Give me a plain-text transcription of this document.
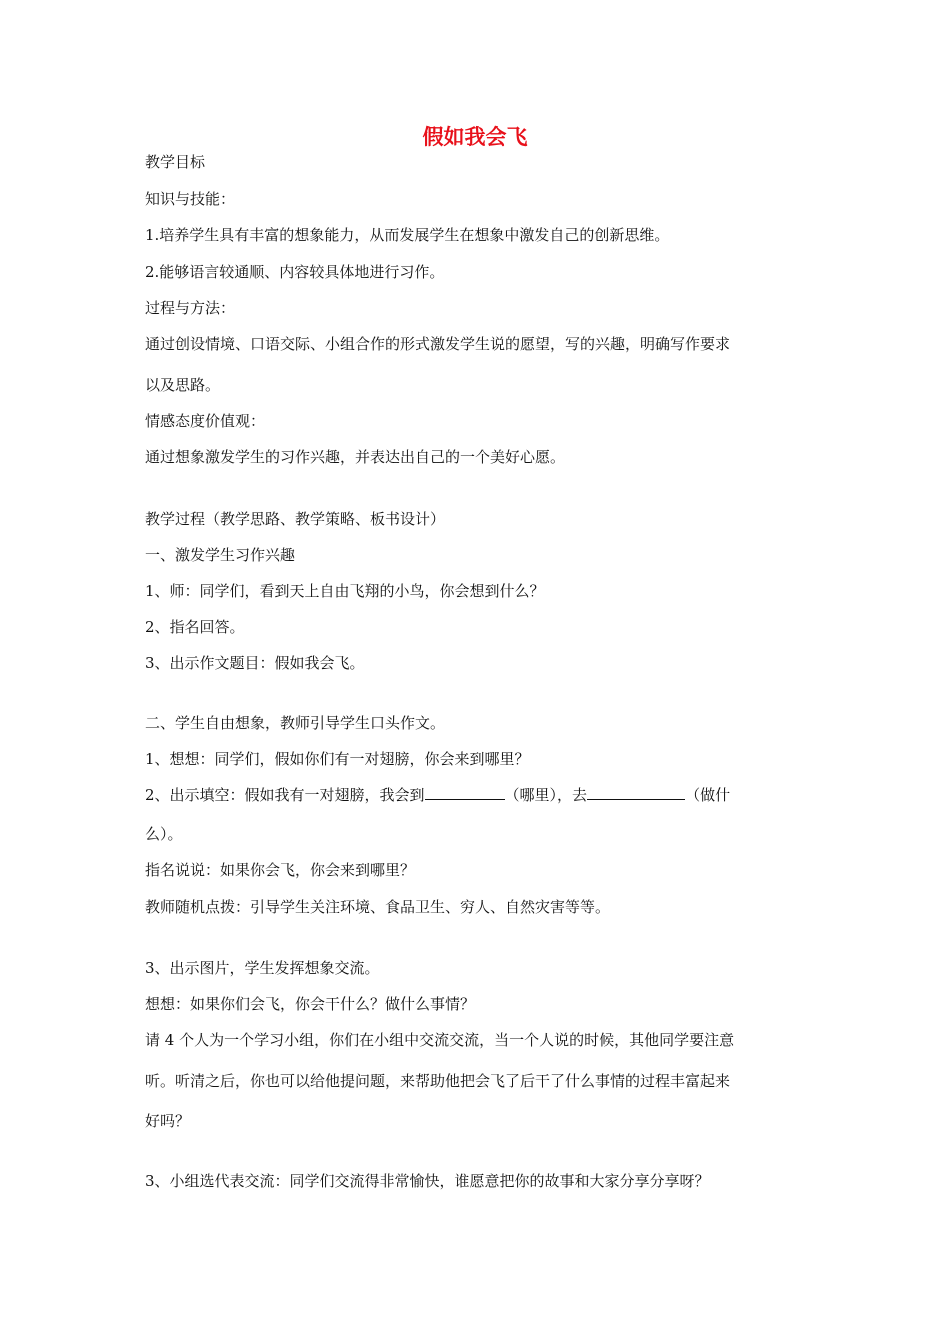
假如我会飞
教学目标
知识与技能：
1.培养学生具有丰富的想象能力，从而发展学生在想象中激发自己的创新思维。
2.能够语言较通顺、内容较具体地进行习作。
过程与方法：
通过创设情境、口语交际、小组合作的形式激发学生说的愿望，写的兴趣，明确写作要求
以及思路。
情感态度价值观：
通过想象激发学生的习作兴趣，并表达出自己的一个美好心愿。
教学过程（教学思路、教学策略、板书设计）
一、激发学生习作兴趣
1、师：同学们，看到天上自由飞翔的小鸟，你会想到什么？
2、指名回答。
3、出示作文题目：假如我会飞。
二、学生自由想象，教师引导学生口头作文。
1、想想：同学们，假如你们有一对翅膀，你会来到哪里？
2、出示填空：假如我有一对翅膀，我会到	（哪里），去	（做什
么）。
指名说说：如果你会飞，你会来到哪里？
教师随机点拨：引导学生关注环境、食品卫生、穷人、自然灾害等等。
3、出示图片，学生发挥想象交流。
想想：如果你们会飞，你会干什么？做什么事情？
请 4 个人为一个学习小组，你们在小组中交流交流，当一个人说的时候，其他同学要注意
听。听清之后，你也可以给他提问题，来帮助他把会飞了后干了什么事情的过程丰富起来
好吗？
3、小组选代表交流：同学们交流得非常愉快，谁愿意把你的故事和大家分享分享呀？
